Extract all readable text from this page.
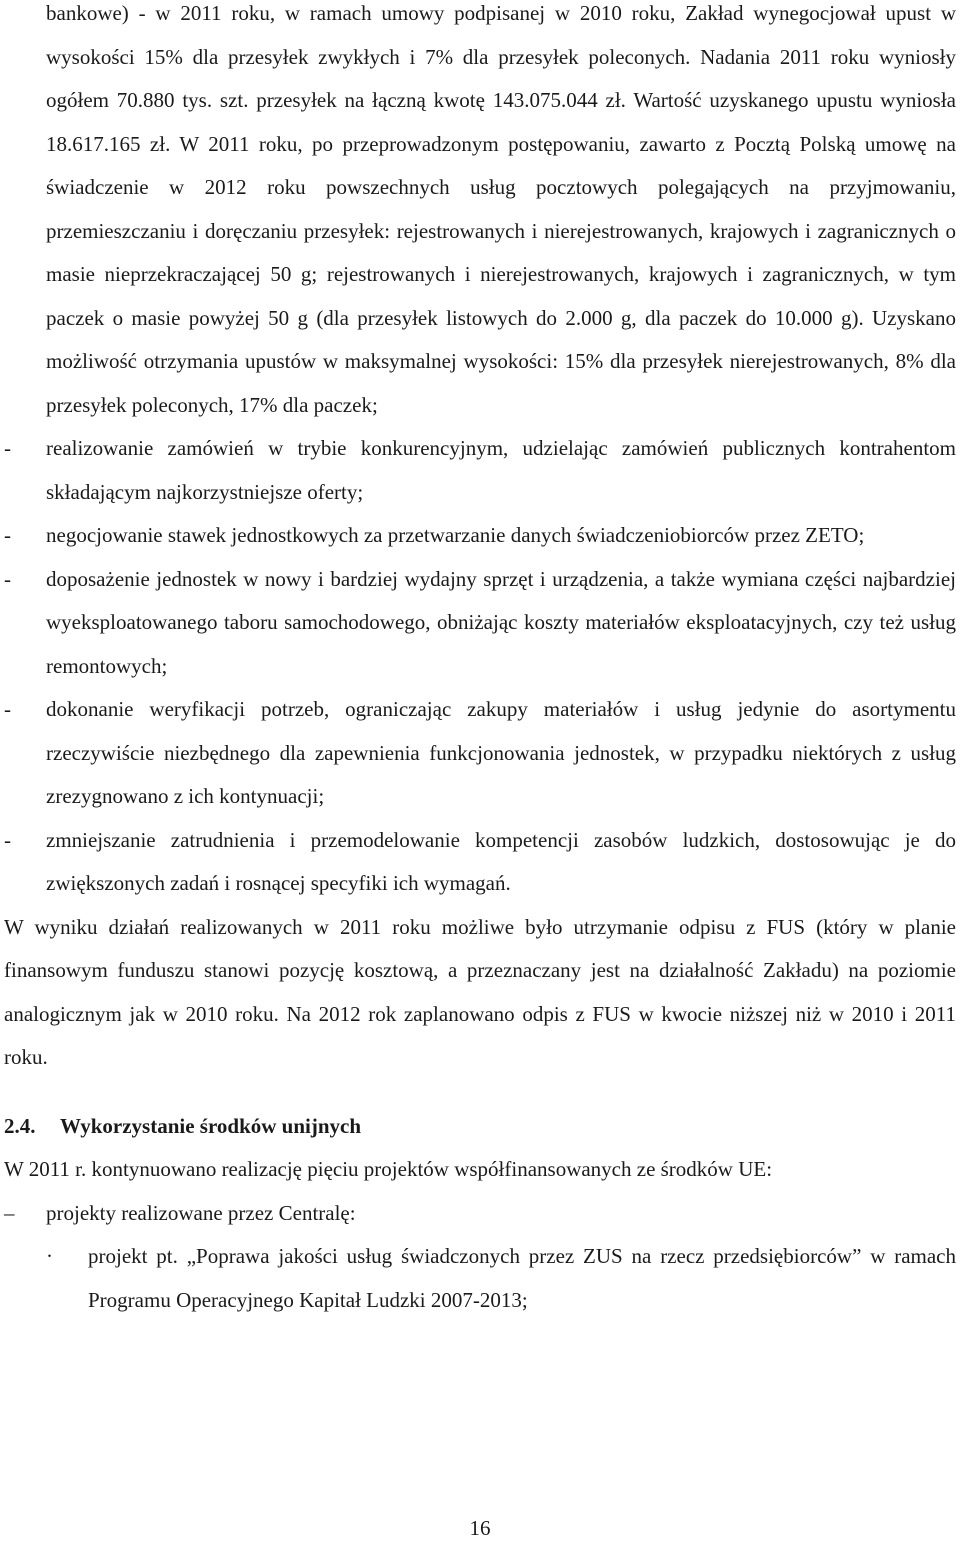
bankowe) - w 2011 roku, w ramach umowy podpisanej w 2010 roku, Zakład wynegocjował upust w wysokości 15% dla przesyłek zwykłych i 7% dla przesyłek poleconych. Nadania 2011 roku wyniosły ogółem 70.880 tys. szt. przesyłek na łączną kwotę 143.075.044 zł. Wartość uzyskanego upustu wyniosła 18.617.165 zł. W 2011 roku, po przeprowadzonym postępowaniu, zawarto z Pocztą Polską umowę na świadczenie w 2012 roku powszechnych usług pocztowych polegających na przyjmowaniu, przemieszczaniu i doręczaniu przesyłek: rejestrowanych i nierejestrowanych, krajowych i zagranicznych o masie nieprzekraczającej 50 g; rejestrowanych i nierejestrowanych, krajowych i zagranicznych, w tym paczek o masie powyżej 50 g (dla przesyłek listowych do 2.000 g, dla paczek do 10.000 g). Uzyskano możliwość otrzymania upustów w maksymalnej wysokości: 15% dla przesyłek nierejestrowanych, 8% dla przesyłek poleconych, 17% dla paczek;

- realizowanie zamówień w trybie konkurencyjnym, udzielając zamówień publicznych kontrahentom składającym najkorzystniejsze oferty;
- negocjowanie stawek jednostkowych za przetwarzanie danych świadczeniobiorców przez ZETO;
- doposażenie jednostek w nowy i bardziej wydajny sprzęt i urządzenia, a także wymiana części najbardziej wyeksploatowanego taboru samochodowego, obniżając koszty materiałów eksploatacyjnych, czy też usług remontowych;
- dokonanie weryfikacji potrzeb, ograniczając zakupy materiałów i usług jedynie do asortymentu rzeczywiście niezbędnego dla zapewnienia funkcjonowania jednostek, w przypadku niektórych z usług zrezygnowano z ich kontynuacji;
- zmniejszanie zatrudnienia i przemodelowanie kompetencji zasobów ludzkich, dostosowując je do zwiększonych zadań i rosnącej specyfiki ich wymagań.

W wyniku działań realizowanych w 2011 roku możliwe było utrzymanie odpisu z FUS (który w planie finansowym funduszu stanowi pozycję kosztową, a przeznaczany jest na działalność Zakładu) na poziomie analogicznym jak w 2010 roku. Na 2012 rok zaplanowano odpis z FUS w kwocie niższej niż w 2010 i 2011 roku.

2.4. Wykorzystanie środków unijnych

W 2011 r. kontynuowano realizację pięciu projektów współfinansowanych ze środków UE:

– projekty realizowane przez Centralę:
· projekt pt. „Poprawa jakości usług świadczonych przez ZUS na rzecz przedsiębiorców” w ramach Programu Operacyjnego Kapitał Ludzki 2007-2013;
16
